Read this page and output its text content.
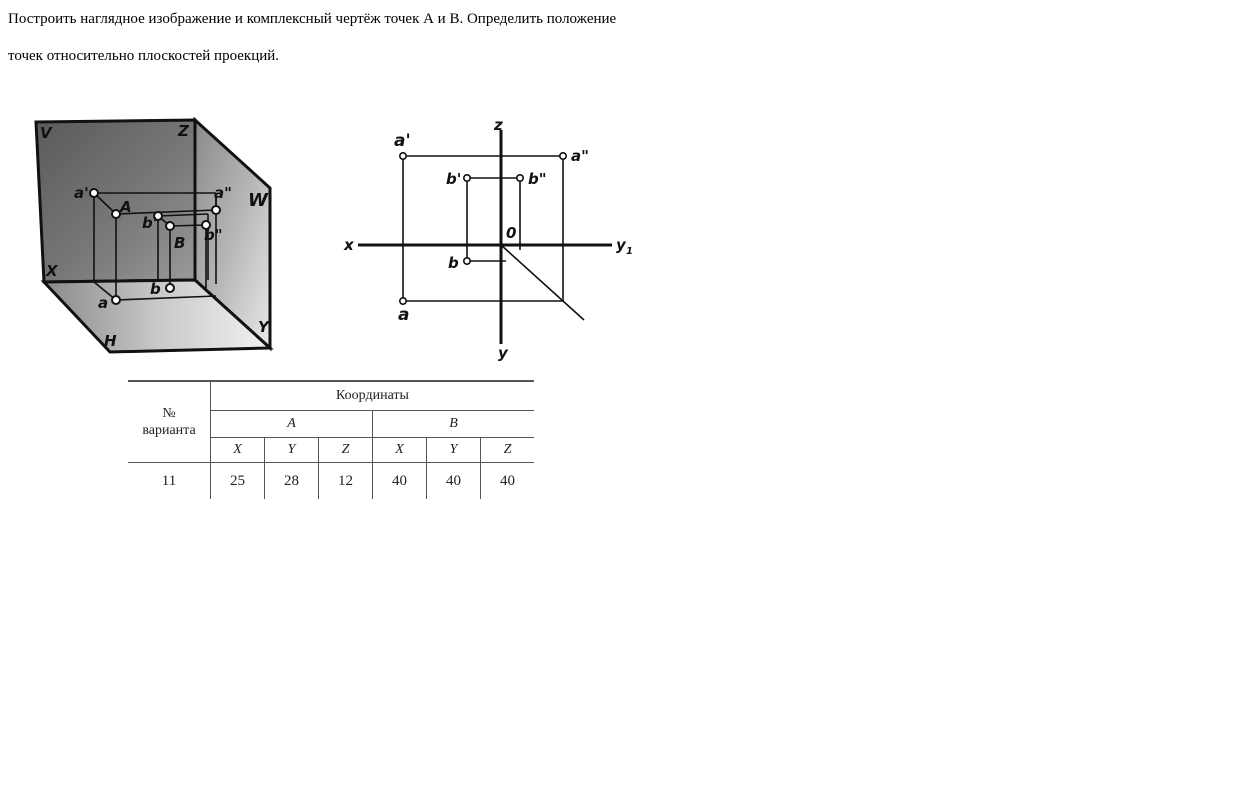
Построить наглядное изображение и комплексный чертёж точек А и В. Определить положение

точек относительно плоскостей проекций.

V	Z
W
X
H
Y
a'	a"
A
a
b'
B b"
b
z
x	y 1
y
0
a'
a"
a
b'	b"
b
№
варианта	Координаты					
	А			В		
	X	Y	Z	X	Y	Z
11	25	28	12	40	40	40
